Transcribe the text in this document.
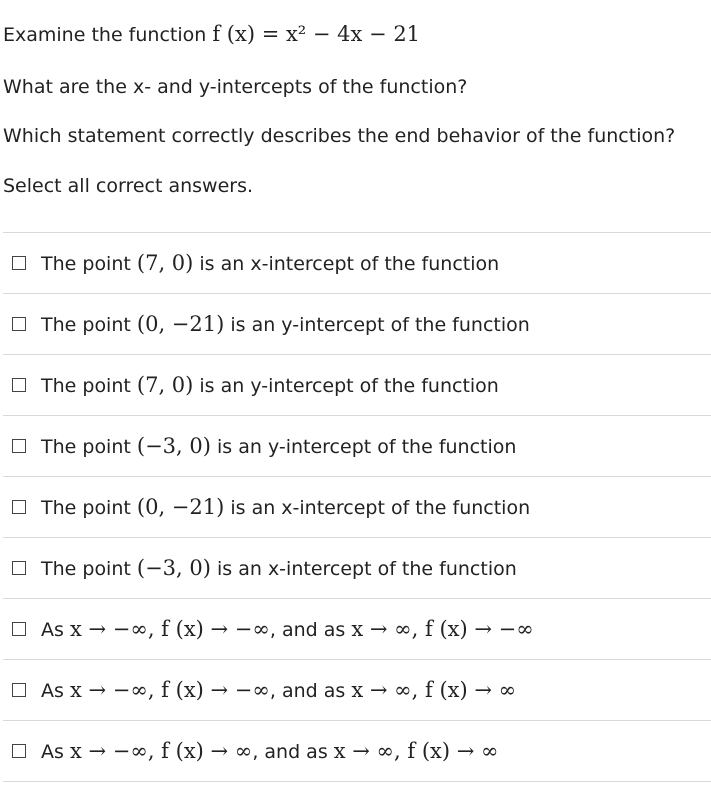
Examine the function f (x) = x² − 4x − 21
What are the x- and y-intercepts of the function?
Which statement correctly describes the end behavior of the function?
Select all correct answers.
The point (7, 0) is an x-intercept of the function
The point (0, −21) is an y-intercept of the function
The point (7, 0) is an y-intercept of the function
The point (−3, 0) is an y-intercept of the function
The point (0, −21) is an x-intercept of the function
The point (−3, 0) is an x-intercept of the function
As x → −∞, f (x) → −∞, and as x → ∞, f (x) → −∞
As x → −∞, f (x) → −∞, and as x → ∞, f (x) → ∞
As x → −∞, f (x) → ∞, and as x → ∞, f (x) → ∞
